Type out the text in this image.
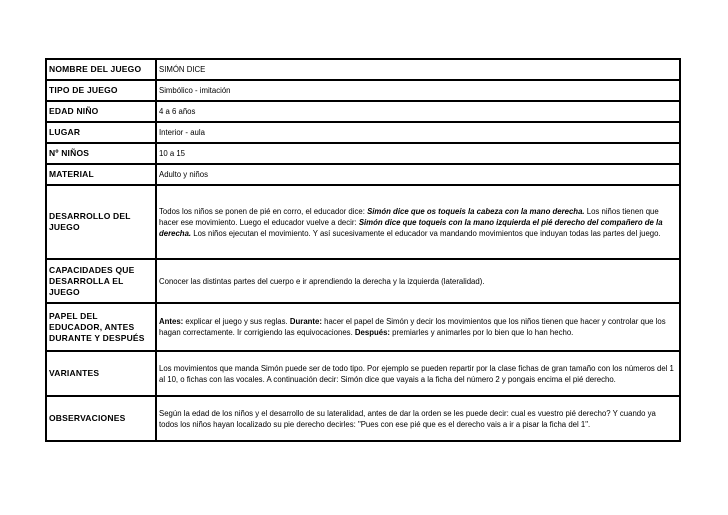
NOMBRE DEL JUEGO	SIMÓN DICE
TIPO DE JUEGO	Simbólico - imitación
EDAD NIÑO	4 a 6 años
LUGAR	Interior - aula
Nº NIÑOS	10 a 15
MATERIAL	Adulto y niños
DESARROLLO DEL JUEGO	Todos los niños se ponen de pié en corro, el educador dice: Simón dice que os toqueis la cabeza con la mano derecha. Los niños tienen que hacer ese movimiento. Luego el educador vuelve a decir: Simón dice que toqueis con la mano izquierda el pié derecho del compañero de la derecha. Los niños ejecutan el movimiento. Y así sucesivamente el educador va mandando movimientos que induyan todas las partes del juego.
CAPACIDADES QUE DESARROLLA EL JUEGO	Conocer las distintas partes del cuerpo e ir aprendiendo la derecha y la izquierda (lateralidad).
PAPEL DEL EDUCADOR, ANTES DURANTE Y DESPUÉS	Antes: explicar el juego y sus reglas. Durante: hacer el papel de Simón y decir los movimientos que los niños tienen que hacer y controlar que los hagan correctamente. Ir corrigiendo las equivocaciones. Después: premiarles y animarles por lo bien que lo han hecho.
VARIANTES	Los movimientos que manda Simón puede ser de todo tipo. Por ejemplo se pueden repartir por la clase fichas de gran tamaño con los números del 1 al 10, o fichas con las vocales. A continuación decir: Simón dice que vayais a la ficha del número 2 y pongais encima el pié derecho.
OBSERVACIONES	Según la edad de los niños y el desarrollo de su lateralidad, antes de dar la orden se les puede decir: cual es vuestro pié derecho? Y cuando ya todos los niños hayan localizado su pie derecho decirles: "Pues con ese pié que es el derecho vais a ir a pisar la ficha del 1".
